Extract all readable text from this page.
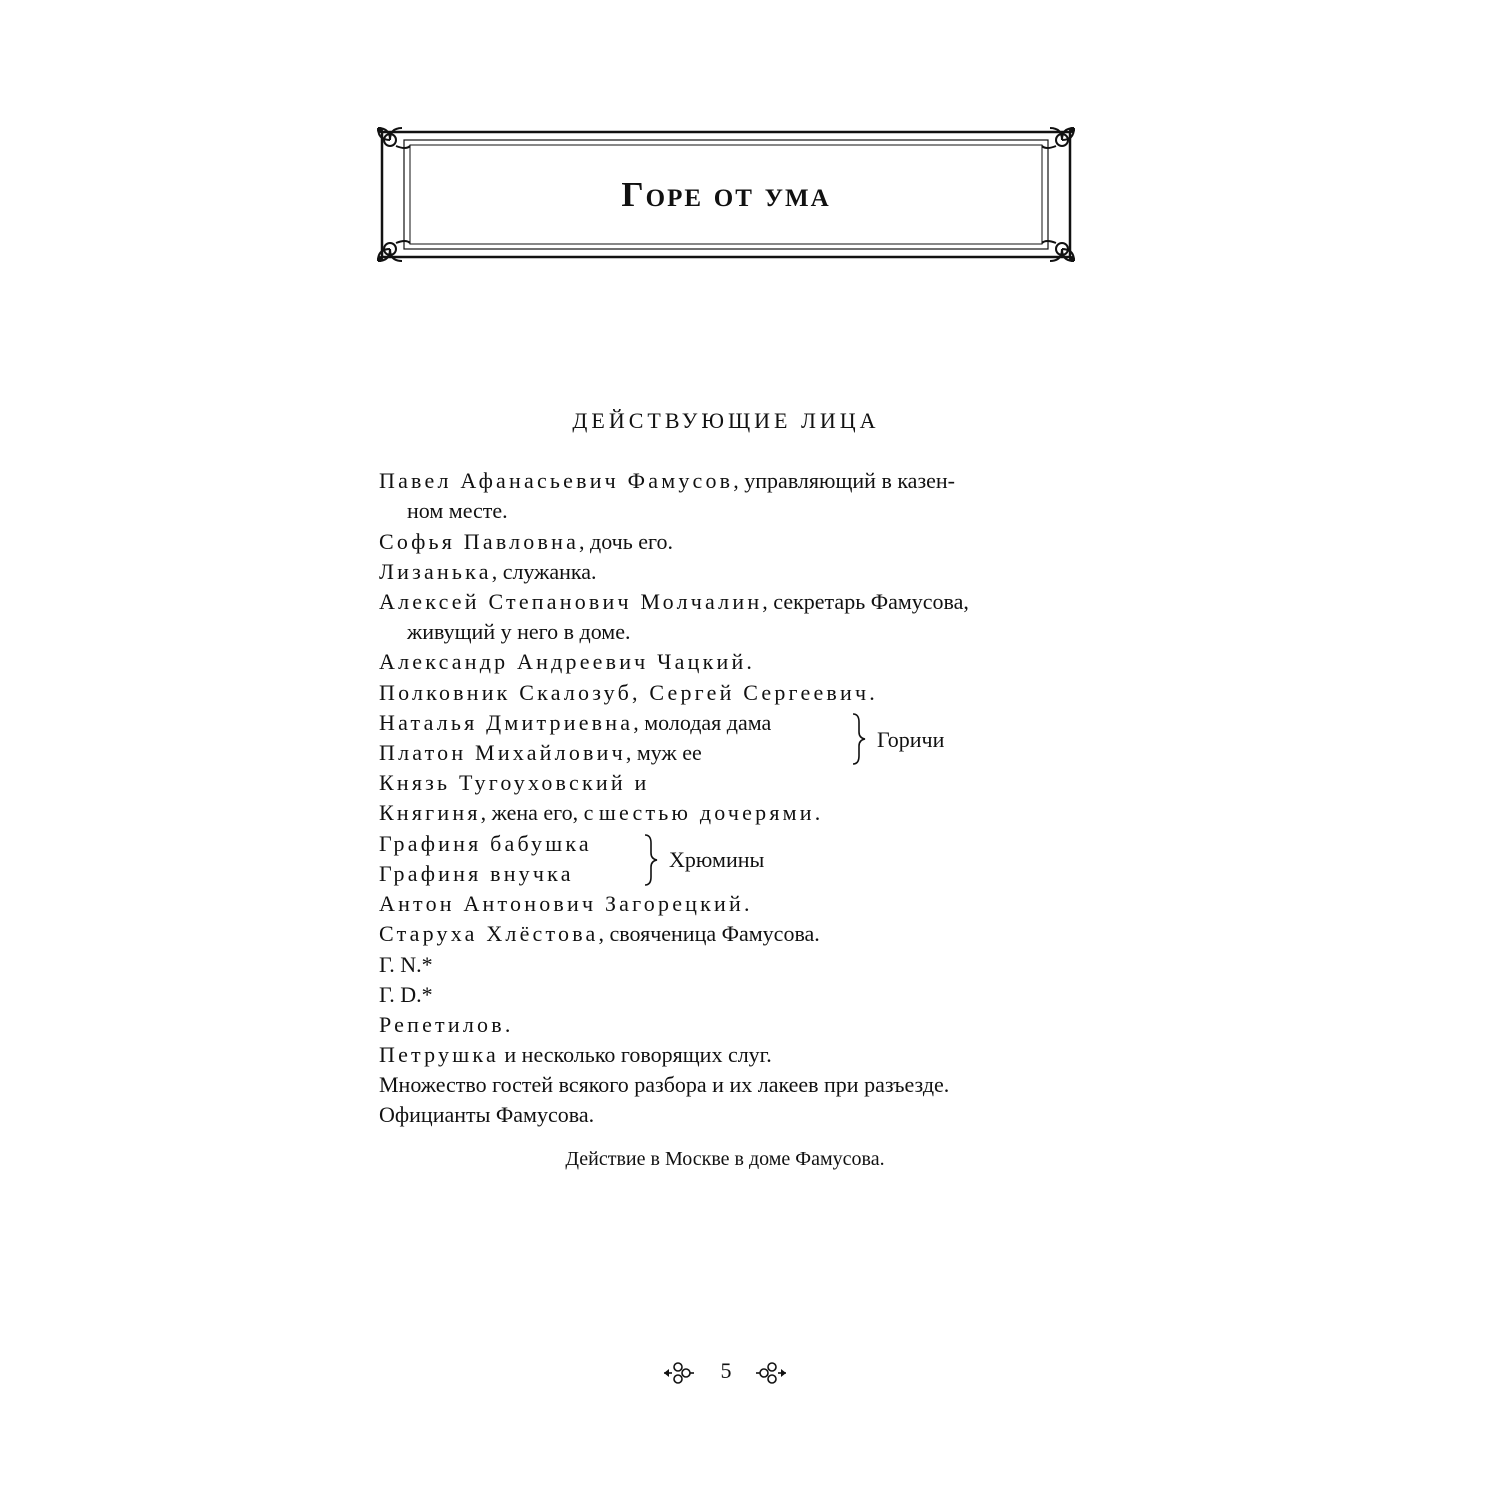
Горе от ума
ДЕЙСТВУЮЩИЕ ЛИЦА
Павел Афанасьевич Фамусов, управляющий в казен-
ном месте.
Софья Павловна, дочь его.
Лизанька, служанка.
Алексей Степанович Молчалин, секретарь Фамусова,
живущий у него в доме.
Александр Андреевич Чацкий.
Полковник Скалозуб, Сергей Сергеевич.
Наталья Дмитриевна, молодая дама
Платон Михайлович, муж ее
Князь Тугоуховский и
Княгиня, жена его, с шестью дочерями.
Графиня бабушка
Графиня внучка
Антон Антонович Загорецкий.
Старуха Хлёстова, свояченица Фамусова.
Г. N.*
Г. D.*
Репетилов.
Петрушка и несколько говорящих слуг.
Множество гостей всякого разбора и их лакеев при разъезде.
Официанты Фамусова.
Горичи
Хрюмины
Действие в Москве в доме Фамусова.
5
